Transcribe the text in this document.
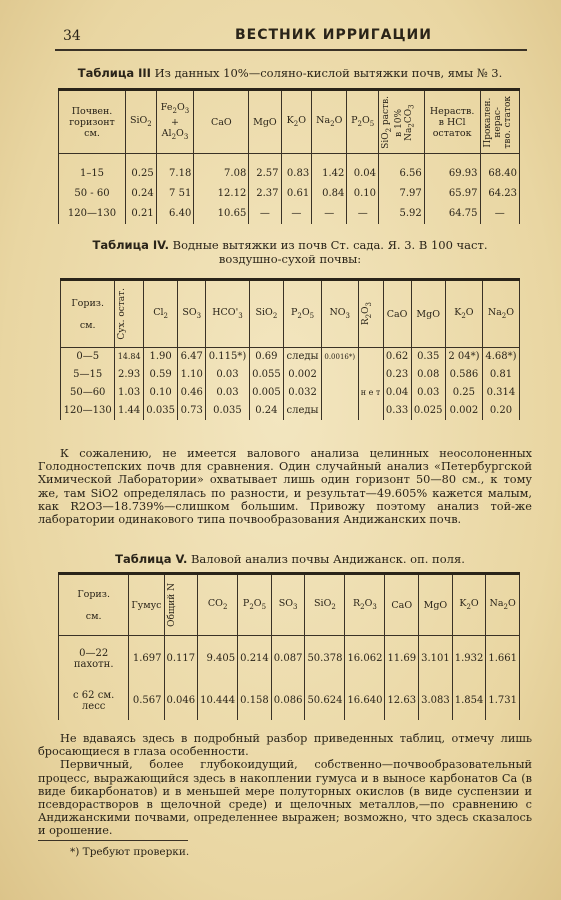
34	ВЕСТНИК ИРРИГАЦИИ
Таблица III Из данных 10%—соляно-кислой вытяжки почв, ямы № 3.
Почвен.
горизонт
см.	SiO$_2$	$Fe_2O_3$
+
$Al_2O_3$	CaO	MgO	$K_2O$	$Na_2O$	$P_2O_5$	SiO$_2$ раств. в 10%
$Na_2CO_3$	Нераств.
в HCl
остаток	Прокален.
нерас-
тво. статок

1–15	0.25	7.18	7.08	2.57	0.83	1.42	0.04	6.56	69.93	68.40
50 - 60	0.24	7 51	12.12	2.37	0.61	0.84	0.10	7.97	65.97	64.23
120—130	0.21	6.40	10.65	—	—	—	—	5.92	64.75	—
Таблица IV. Водные вытяжки из почв Ст. сада. Я. 3. В 100 част.
воздушно-сухой почвы:
Гориз.

см.	Сух. остат.	$Cl_2$	$SO_3$	$HCO'_3$	SiO$_2$	$P_2O_5$	$NO_3$	$R_2O_3$	CaO	MgO	$K_2O$	$Na_2O$
0—5	14.84	1.90	6.47	0.115*)	0.69	следы	0.0016*)		0.62	0.35	2 04*)	4.68*)
5—15	2.93	0.59	1.10	0.03	0.055	0.002			0.23	0.08	0.586	0.81
50—60	1.03	0.10	0.46	0.03	0.005	0.032		н е т	0.04	0.03	0.25	0.314
120—130	1.44	0.035	0.73	0.035	0.24	следы			0.33	0.025	0.002	0.20

К сожалению, не имеется валового анализа целинных неосолоненных Голодностепских почв для сравнения. Один случайный анализ «Петербургской Химической Лаборатории» охватывает лишь один горизонт 50—80 см., к тому же, там SiO2 определялась по разности, и результат—49.605% кажется малым, как R2O3—18.739%—слишком большим. Привожу поэтому анализ той-же лаборатории одинакового типа почвообразования Андижанских почв.

Таблица V. Валовой анализ почвы Андижанск. оп. поля.
Гориз.

см.	Гумус	Общий N	$CO_2$	$P_2O_5$	$SO_3$	SiO$_2$	$R_2O_3$	CaO	MgO	$K_2O$	$Na_2O$
0—22 пахотн.	1.697	0.117	9.405	0.214	0.087	50.378	16.062	11.69	3.101	1.932	1.661
с 62 см. лесс	0.567	0.046	10.444	0.158	0.086	50.624	16.640	12.63	3.083	1.854	1.731

Не вдаваясь здесь в подробный разбор приведенных таблиц, отмечу лишь бросающиеся в глаза особенности.

Первичный, более глубокоидущий, собственно—почвообразовательный процесс, выражающийся здесь в накоплении гумуса и в выносе карбонатов Са (в виде бикарбонатов) и в меньшей мере полуторных окислов (в виде суспензии и псевдорастворов в щелочной среде) и щелочных металлов,—по сравнению с Андижанскими почвами, определеннее выражен; возможно, что здесь сказалось и орошение.

*) Требуют проверки.
